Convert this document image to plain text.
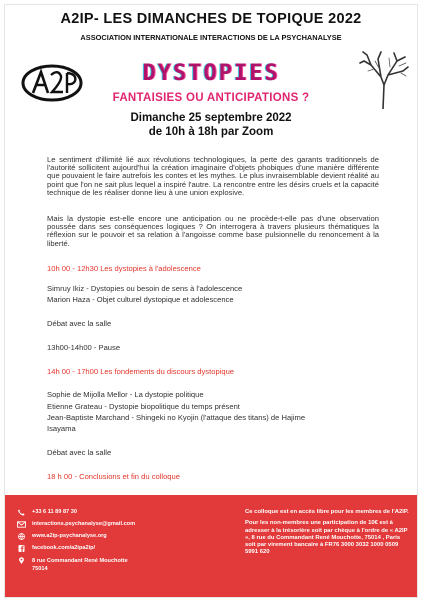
A2IP- LES DIMANCHES DE TOPIQUE 2022

ASSOCIATION INTERNATIONALE INTERACTIONS DE LA PSYCHANALYSE

DYSTOPIES
FANTAISIES OU ANTICIPATIONS ?

Dimanche 25 septembre 2022

de 10h à 18h par Zoom

Le sentiment d'illimité lié aux révolutions technologiques, la perte des garants traditionnels de l'autorité sollicitent aujourd'hui la création imaginaire d'objets phobiques d'une manière différente que pouvaient le faire autrefois les contes et les mythes. Le plus invraisemblable devient réalité au point que l'on ne sait plus lequel a inspiré l'autre. La rencontre entre les désirs cruels et la capacité technique de les réaliser donne lieu à une union explosive.

Mais la dystopie est-elle encore une anticipation ou ne procède-t-elle pas d'une observation poussée dans ses conséquences logiques ? On interrogera à travers plusieurs thématiques la réflexion sur le pouvoir et sa relation à l'angoisse comme base pulsionnelle du renoncement à la liberté.

10h 00 - 12h30 Les dystopies à l'adolescence

Simruy Ikiz - Dystopies ou besoin de sens à l'adolescence

Marion Haza - Objet culturel dystopique et adolescence

Débat avec la salle

13h00-14h00 - Pause

14h 00 - 17h00 Les fondements du discours dystopique

Sophie de Mijolla Mellor - La dystopie politique

Etienne Grateau - Dystopie biopolitique du temps présent

Jean-Baptiste Marchand - Shingeki no Kyojin (l'attaque des titans) de Hajime

Isayama

Débat avec la salle

18 h 00 - Conclusions et fin du colloque

+33 6 11 89 87 30
interactions.psychanalyse@gmail.com
www.a2ip-psychanalyse.org
facebook.com/a2ipa2ip/
8 rue Commandant René Mouchotte
75014

Ce colloque est en accès libre pour les membres de l'A2IP.

Pour les non-membres une participation de 10€ est à adresser à la trésorière soit par chèque à l'ordre de « A2IP », 8 rue du Commandant René Mouchotte, 75014 , Paris soit par virement bancaire à FR76 3000 3032 1000 0509 5991 620
